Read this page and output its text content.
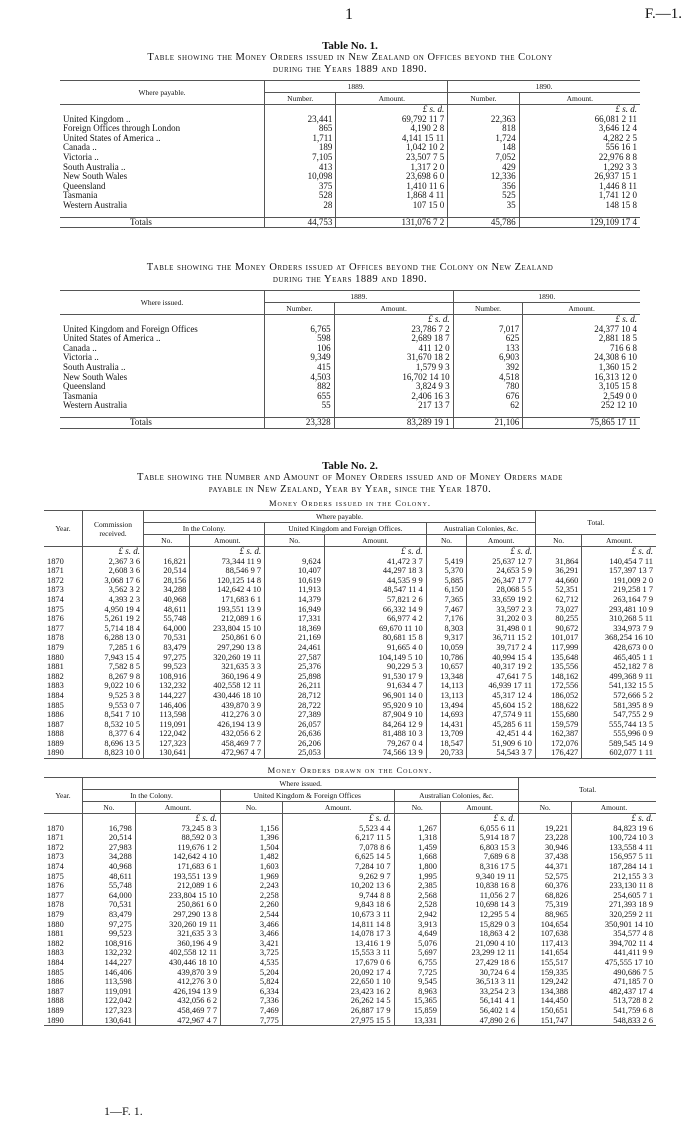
1	F.—1.

Table No. 1.

Table showing the Money Orders issued in New Zealand on Offices beyond the Colony

during the Years 1889 and 1890.

Where payable.	1889.		1890.	
	Number.	Amount.	Number.	Amount.
		£ s. d.		£ s. d.
United Kingdom ..	23,441	69,792 11 7	22,363	66,081 2 11
Foreign Offices through London	865	4,190 2 8	818	3,646 12 4
United States of America ..	1,711	4,141 15 11	1,724	4,282 2 5
Canada ..	189	1,042 10 2	148	556 16 1
Victoria ..	7,105	23,507 7 5	7,052	22,976 8 8
South Australia ..	413	1,317 2 0	429	1,292 3 3
New South Wales	10,098	23,698 6 0	12,336	26,937 15 1
Queensland	375	1,410 11 6	356	1,446 8 11
Tasmania	528	1,868 4 11	525	1,741 12 0
Western Australia	28	107 15 0	35	148 15 8

Totals	44,753	131,076 7 2	45,786	129,109 17 4

Table showing the Money Orders issued at Offices beyond the Colony on New Zealand

during the Years 1889 and 1890.

Where issued.	1889.		1890.	
	Number.	Amount.	Number.	Amount.
		£ s. d.		£ s. d.
United Kingdom and Foreign Offices	6,765	23,786 7 2	7,017	24,377 10 4
United States of America ..	598	2,689 18 7	625	2,881 18 5
Canada ..	106	411 12 0	133	716 6 8
Victoria ..	9,349	31,670 18 2	6,903	24,308 6 10
South Australia ..	415	1,579 9 3	392	1,360 15 2
New South Wales	4,503	16,702 14 10	4,518	16,313 12 0
Queensland	882	3,824 9 3	780	3,105 15 8
Tasmania	655	2,406 16 3	676	2,549 0 0
Western Australia	55	217 13 7	62	252 12 10

Totals	23,328	83,289 19 1	21,106	75,865 17 11

Table No. 2.

Table showing the Number and Amount of Money Orders issued and of Money Orders made

payable in New Zealand, Year by Year, since the Year 1870.

Money Orders issued in the Colony.

Year.	Commission received.	Where payable.						Total.	
		In the Colony.		United Kingdom and Foreign Offices.		Australian Colonies, &c.			
		No.	Amount.	No.	Amount.	No.	Amount.	No.	Amount.
	£ s. d.		£ s. d.		£ s. d.		£ s. d.		£ s. d.
1870	2,367 3 6	16,821	73,344 11 9	9,624	41,472 3 7	5,419	25,637 12 7	31,864	140,454 7 11
1871	2,608 3 6	20,514	88,546 9 7	10,407	44,297 18 3	5,370	24,653 5 9	36,291	157,397 13 7
1872	3,068 17 6	28,156	120,125 14 8	10,619	44,535 9 9	5,885	26,347 17 7	44,660	191,009 2 0
1873	3,562 3 2	34,288	142,642 4 10	11,913	48,547 11 4	6,150	28,068 5 5	52,351	219,258 1 7
1874	4,393 2 3	40,968	171,683 6 1	14,379	57,821 2 6	7,365	33,659 19 2	62,712	263,164 7 9
1875	4,950 19 4	48,611	193,551 13 9	16,949	66,332 14 9	7,467	33,597 2 3	73,027	293,481 10 9
1876	5,261 19 2	55,748	212,089 1 6	17,331	66,977 4 2	7,176	31,202 0 3	80,255	310,268 5 11
1877	5,714 18 4	64,000	233,804 15 10	18,369	69,670 11 10	8,303	31,498 0 1	90,672	334,973 7 9
1878	6,288 13 0	70,531	250,861 6 0	21,169	80,681 15 8	9,317	36,711 15 2	101,017	368,254 16 10
1879	7,285 1 6	83,479	297,290 13 8	24,461	91,665 4 0	10,059	39,717 2 4	117,999	428,673 0 0
1880	7,943 15 4	97,275	320,260 19 11	27,587	104,149 5 10	10,786	40,994 15 4	135,648	465,405 1 1
1881	7,582 8 5	99,523	321,635 3 3	25,376	90,229 5 3	10,657	40,317 19 2	135,556	452,182 7 8
1882	8,267 9 8	108,916	360,196 4 9	25,898	91,530 17 9	13,348	47,641 7 5	148,162	499,368 9 11
1883	9,022 10 6	132,232	402,558 12 11	26,211	91,634 4 7	14,113	46,939 17 11	172,556	541,132 15 5
1884	9,525 3 8	144,227	430,446 18 10	28,712	96,901 14 0	13,113	45,317 12 4	186,052	572,666 5 2
1885	9,553 0 7	146,406	439,870 3 9	28,722	95,920 9 10	13,494	45,604 15 2	188,622	581,395 8 9
1886	8,541 7 10	113,598	412,276 3 0	27,389	87,904 9 10	14,693	47,574 9 11	155,680	547,755 2 9
1887	8,532 10 5	119,091	426,194 13 9	26,057	84,264 12 9	14,431	45,285 6 11	159,579	555,744 13 5
1888	8,377 6 4	122,042	432,056 6 2	26,636	81,488 10 3	13,709	42,451 4 4	162,387	555,996 0 9
1889	8,696 13 5	127,323	458,469 7 7	26,206	79,267 0 4	18,547	51,909 6 10	172,076	589,545 14 9
1890	8,823 10 0	130,641	472,967 4 7	25,053	74,566 13 9	20,733	54,543 3 7	176,427	602,077 1 11

Money Orders drawn on the Colony.

Year.	Where issued.						Total.	
	In the Colony.		United Kingdom & Foreign Offices		Australian Colonies, &c.			
	No.	Amount.	No.	Amount.	No.	Amount.	No.	Amount.
		£ s. d.		£ s. d.		£ s. d.		£ s. d.
1870	16,798	73,245 8 3	1,156	5,523 4 4	1,267	6,055 6 11	19,221	84,823 19 6
1871	20,514	88,592 0 3	1,396	6,217 11 5	1,318	5,914 18 7	23,228	100,724 10 3
1872	27,983	119,676 1 2	1,504	7,078 8 6	1,459	6,803 15 3	30,946	133,558 4 11
1873	34,288	142,642 4 10	1,482	6,625 14 5	1,668	7,689 6 8	37,438	156,957 5 11
1874	40,968	171,683 6 1	1,603	7,284 10 7	1,800	8,316 17 5	44,371	187,284 14 1
1875	48,611	193,551 13 9	1,969	9,262 9 7	1,995	9,340 19 11	52,575	212,155 3 3
1876	55,748	212,089 1 6	2,243	10,202 13 6	2,385	10,838 16 8	60,376	233,130 11 8
1877	64,000	233,804 15 10	2,258	9,744 8 8	2,568	11,056 2 7	68,826	254,605 7 1
1878	70,531	250,861 6 0	2,260	9,843 18 6	2,528	10,698 14 3	75,319	271,393 18 9
1879	83,479	297,290 13 8	2,544	10,673 3 11	2,942	12,295 5 4	88,965	320,259 2 11
1880	97,275	320,260 19 11	3,466	14,811 14 8	3,913	15,829 0 3	104,654	350,901 14 10
1881	99,523	321,635 3 3	3,466	14,078 17 3	4,649	18,863 4 2	107,638	354,577 4 8
1882	108,916	360,196 4 9	3,421	13,416 1 9	5,076	21,090 4 10	117,413	394,702 11 4
1883	132,232	402,558 12 11	3,725	15,553 3 11	5,697	23,299 12 11	141,654	441,411 9 9
1884	144,227	430,446 18 10	4,535	17,679 0 6	6,755	27,429 18 6	155,517	475,555 17 10
1885	146,406	439,870 3 9	5,204	20,092 17 4	7,725	30,724 6 4	159,335	490,686 7 5
1886	113,598	412,276 3 0	5,824	22,650 1 10	9,545	36,513 3 11	129,242	471,185 7 0
1887	119,091	426,194 13 9	6,334	23,423 16 2	8,963	33,254 2 3	134,388	482,437 17 4
1888	122,042	432,056 6 2	7,336	26,262 14 5	15,365	56,141 4 1	144,450	513,728 8 2
1889	127,323	458,469 7 7	7,469	26,887 17 9	15,859	56,402 1 4	150,651	541,759 6 8
1890	130,641	472,967 4 7	7,775	27,975 15 5	13,331	47,890 2 6	151,747	548,833 2 6
1—F. 1.
